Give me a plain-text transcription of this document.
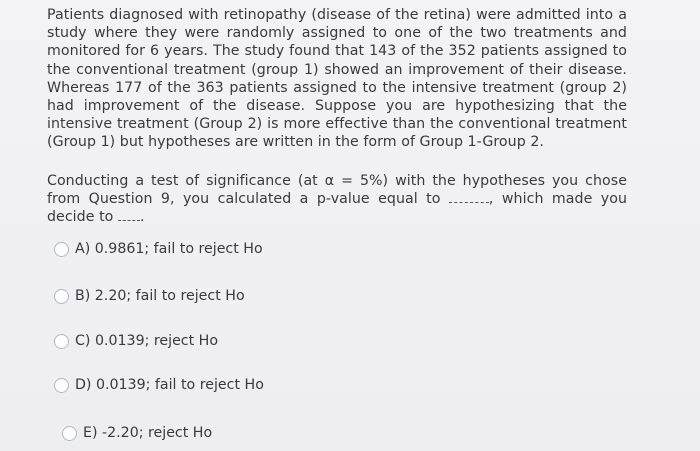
Patients diagnosed with retinopathy (disease of the retina) were admitted into a study where they were randomly assigned to one of the two treatments and monitored for 6 years. The study found that 143 of the 352 patients assigned to the conventional treatment (group 1) showed an improvement of their disease. Whereas 177 of the 363 patients assigned to the intensive treatment (group 2) had improvement of the disease. Suppose you are hypothesizing that the intensive treatment (Group 2) is more effective than the conventional treatment (Group 1) but hypotheses are written in the form of Group 1-Group 2.

Conducting a test of significance (at α = 5%) with the hypotheses you chose from Question 9, you calculated a p-value equal to	, which made you decide to .

A) 0.9861; fail to reject Ho
B) 2.20; fail to reject Ho
C) 0.0139; reject Ho
D) 0.0139; fail to reject Ho
E) -2.20; reject Ho
